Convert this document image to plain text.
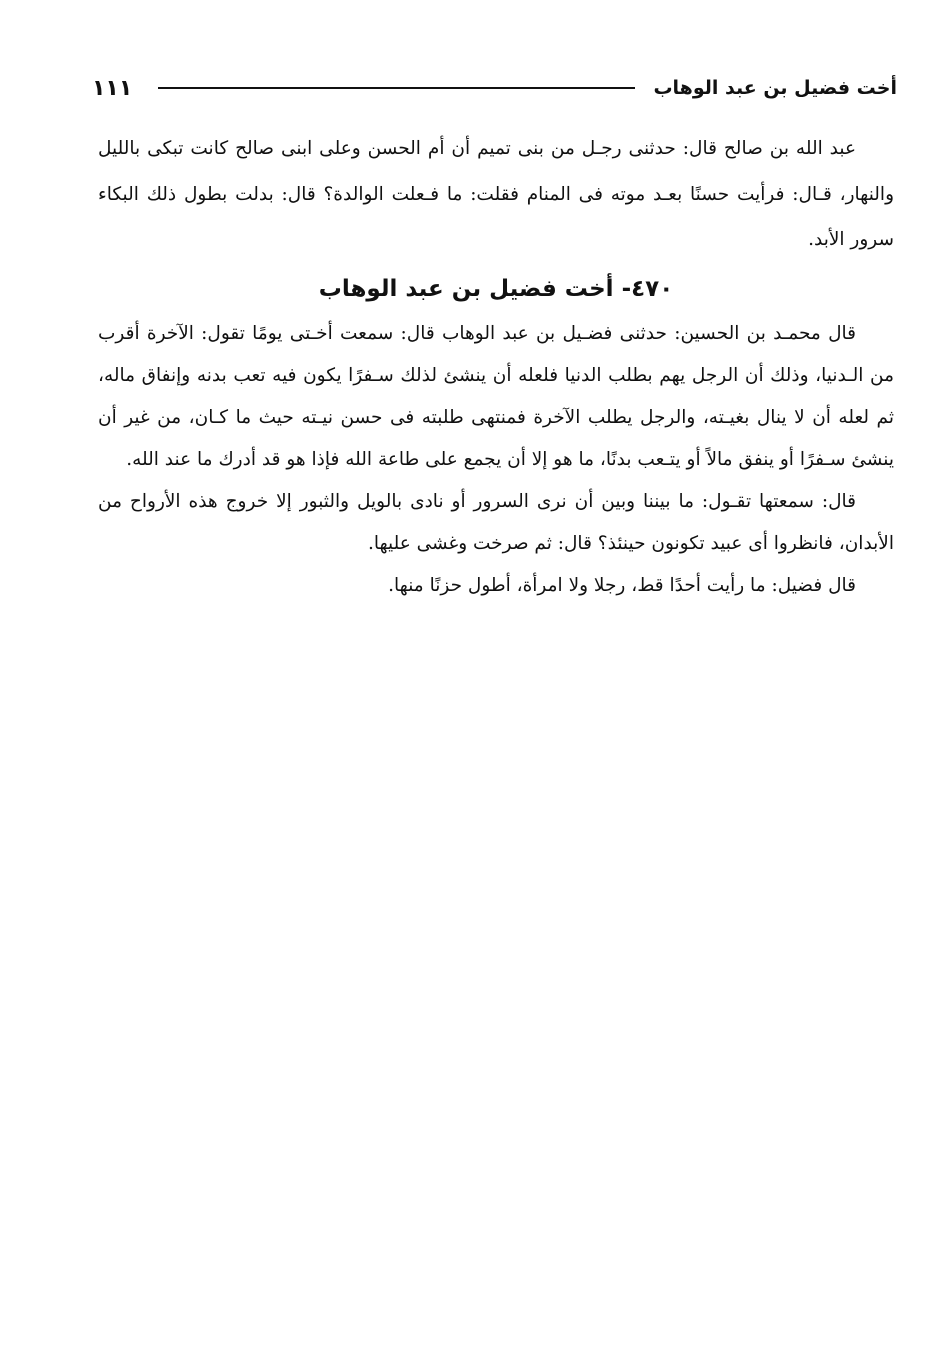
أخت فضيل بن عبد الوهاب
١١١

عبد الله بن صالح قال: حدثنى رجـل من بنى تميم أن أم الحسن وعلى ابنى صالح كانت تبكى بالليل والنهار، قـال: فرأيت حسنًا بعـد موته فى المنام فقلت: ما فـعلت الوالدة؟ قال: بدلت بطول ذلك البكاء سرور الأبد.

٤٧٠- أخت فضيل بن عبد الوهاب

قال محمـد بن الحسين: حدثنى فضـيل بن عبد الوهاب قال: سمعت أخـتى يومًا تقول: الآخرة أقرب من الـدنيا، وذلك أن الرجل يهم بطلب الدنيا فلعله أن ينشئ لذلك سـفرًا يكون فيه تعب بدنه وإنفاق ماله، ثم لعله أن لا ينال بغيـته، والرجل يطلب الآخرة فمنتهى طلبته فى حسن نيـته حيث ما كـان، من غير أن ينشئ سـفرًا أو ينفق مالاً أو يتـعب بدنًا، ما هو إلا أن يجمع على طاعة الله فإذا هو قد أدرك ما عند الله.

قال: سمعتها تقـول: ما بيننا وبين أن نرى السرور أو نادى بالويل والثبور إلا خروج هذه الأرواح من الأبدان، فانظروا أى عبيد تكونون حينئذ؟ قال: ثم صرخت وغشى عليها.

قال فضيل: ما رأيت أحدًا قط، رجلا ولا امرأة، أطول حزنًا منها.
